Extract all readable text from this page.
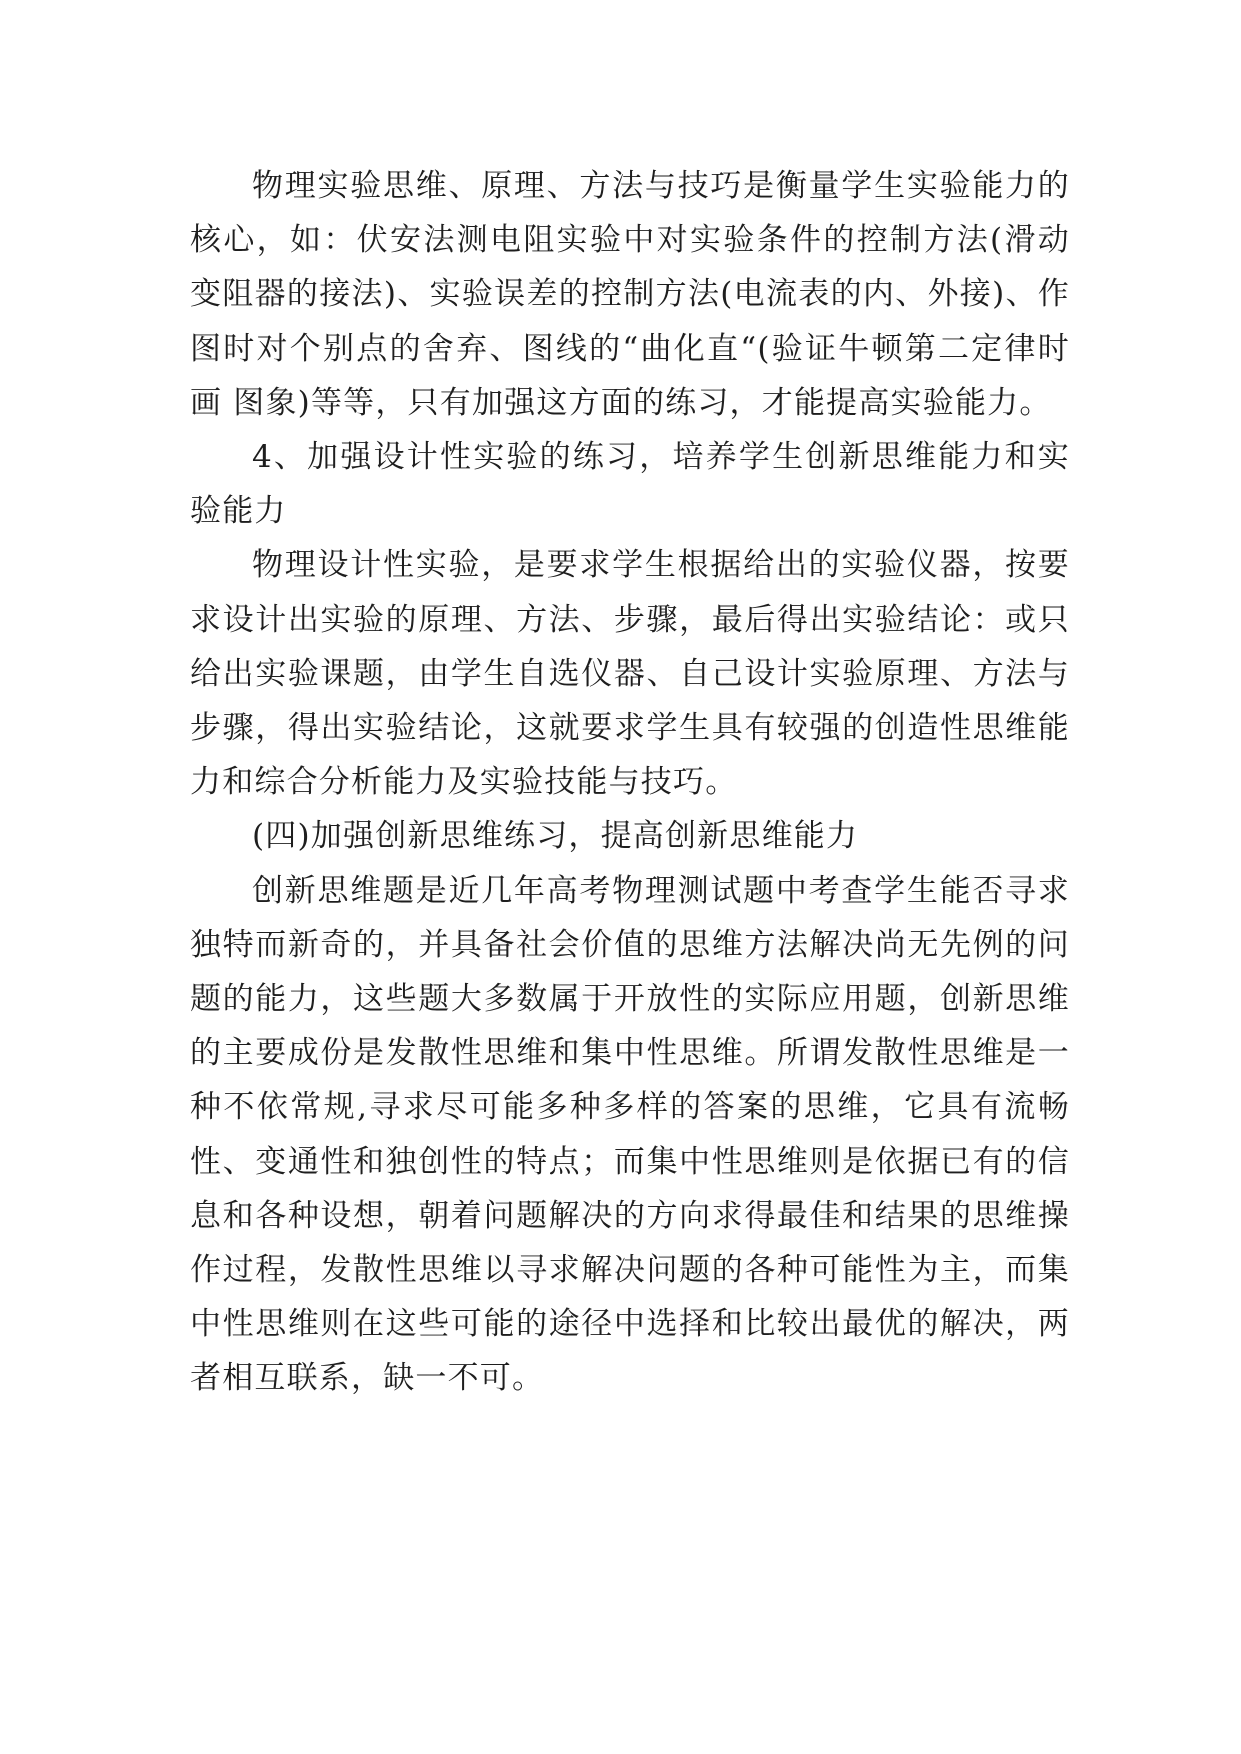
物理实验思维、原理、方法与技巧是衡量学生实验能力的核心，如：伏安法测电阻实验中对实验条件的控制方法(滑动变阻器的接法)、实验误差的控制方法(电流表的内、外接)、作图时对个别点的舍弃、图线的“曲化直“(验证牛顿第二定律时画 图象)等等，只有加强这方面的练习，才能提高实验能力。

4、加强设计性实验的练习，培养学生创新思维能力和实验能力

物理设计性实验，是要求学生根据给出的实验仪器，按要求设计出实验的原理、方法、步骤，最后得出实验结论：或只给出实验课题，由学生自选仪器、自己设计实验原理、方法与步骤，得出实验结论，这就要求学生具有较强的创造性思维能力和综合分析能力及实验技能与技巧。

(四)加强创新思维练习，提高创新思维能力

创新思维题是近几年高考物理测试题中考查学生能否寻求独特而新奇的，并具备社会价值的思维方法解决尚无先例的问题的能力，这些题大多数属于开放性的实际应用题，创新思维的主要成份是发散性思维和集中性思维。所谓发散性思维是一种不依常规,寻求尽可能多种多样的答案的思维，它具有流畅性、变通性和独创性的特点；而集中性思维则是依据已有的信息和各种设想，朝着问题解决的方向求得最佳和结果的思维操作过程，发散性思维以寻求解决问题的各种可能性为主，而集中性思维则在这些可能的途径中选择和比较出最优的解决，两者相互联系，缺一不可。
